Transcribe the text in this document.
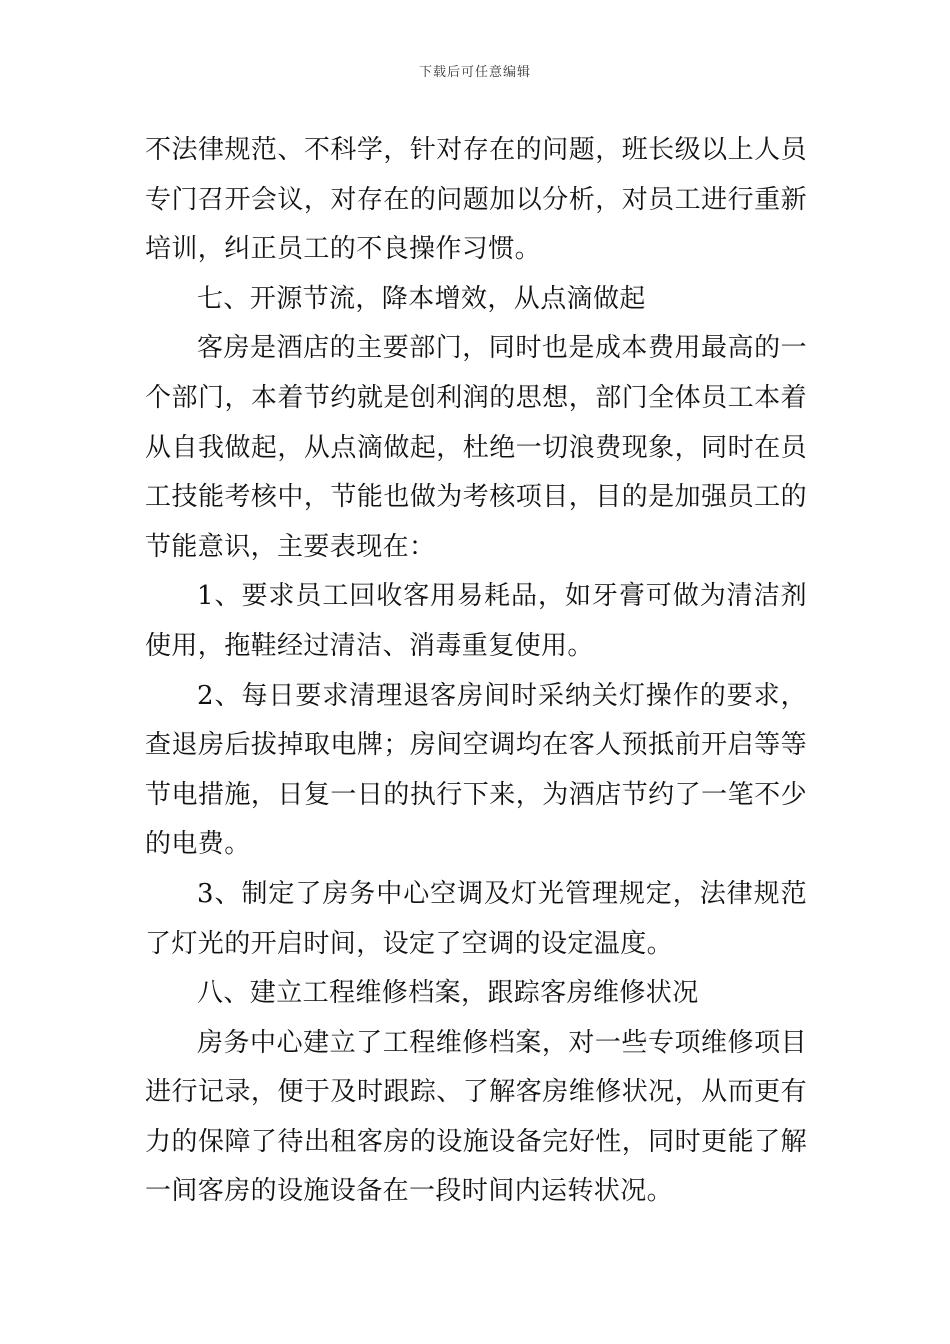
下载后可任意编辑

不法律规范、不科学，针对存在的问题，班长级以上人员专门召开会议，对存在的问题加以分析，对员工进行重新培训，纠正员工的不良操作习惯。

七、开源节流，降本增效，从点滴做起

客房是酒店的主要部门，同时也是成本费用最高的一个部门，本着节约就是创利润的思想，部门全体员工本着从自我做起，从点滴做起，杜绝一切浪费现象，同时在员工技能考核中，节能也做为考核项目，目的是加强员工的节能意识，主要表现在：

1、要求员工回收客用易耗品，如牙膏可做为清洁剂使用，拖鞋经过清洁、消毒重复使用。

2、每日要求清理退客房间时采纳关灯操作的要求，查退房后拔掉取电牌；房间空调均在客人预抵前开启等等节电措施，日复一日的执行下来，为酒店节约了一笔不少的电费。

3、制定了房务中心空调及灯光管理规定，法律规范了灯光的开启时间，设定了空调的设定温度。

八、建立工程维修档案，跟踪客房维修状况

房务中心建立了工程维修档案，对一些专项维修项目进行记录，便于及时跟踪、了解客房维修状况，从而更有力的保障了待出租客房的设施设备完好性，同时更能了解一间客房的设施设备在一段时间内运转状况。
